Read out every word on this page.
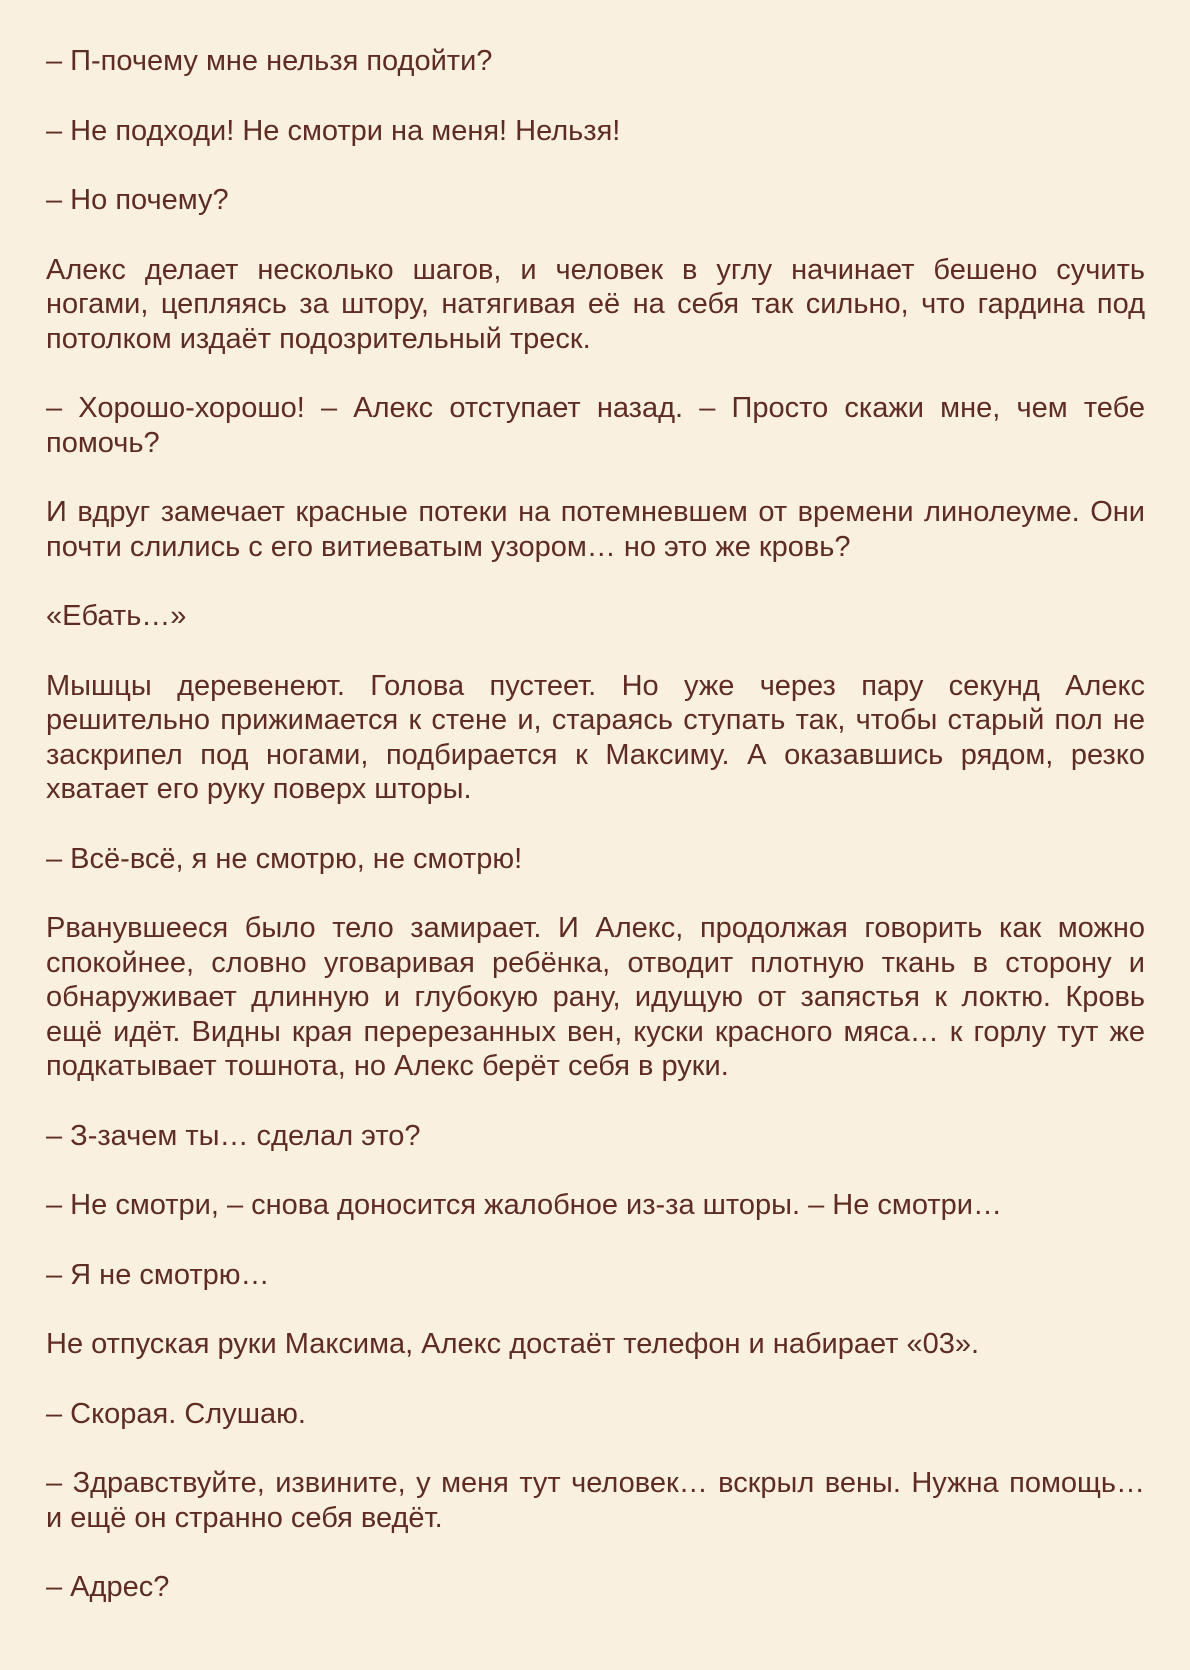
– П-почему мне нельзя подойти?

– Не подходи! Не смотри на меня! Нельзя!

– Но почему?

Алекс делает несколько шагов, и человек в углу начинает бешено сучить ногами, цепляясь за штору, натягивая её на себя так сильно, что гардина под потолком издаёт подозрительный треск.

– Хорошо-хорошо! – Алекс отступает назад. – Просто скажи мне, чем тебе помочь?

И вдруг замечает красные потеки на потемневшем от времени линолеуме. Они почти слились с его витиеватым узором… но это же кровь?

«Ебать…»

Мышцы деревенеют. Голова пустеет. Но уже через пару секунд Алекс решительно прижимается к стене и, стараясь ступать так, чтобы старый пол не заскрипел под ногами, подбирается к Максиму. А оказавшись рядом, резко хватает его руку поверх шторы.

– Всё-всё, я не смотрю, не смотрю!

Рванувшееся было тело замирает. И Алекс, продолжая говорить как можно спокойнее, словно уговаривая ребёнка, отводит плотную ткань в сторону и обнаруживает длинную и глубокую рану, идущую от запястья к локтю. Кровь ещё идёт. Видны края перерезанных вен, куски красного мяса… к горлу тут же подкатывает тошнота, но Алекс берёт себя в руки.

– З-зачем ты… сделал это?

– Не смотри, – снова доносится жалобное из-за шторы. – Не смотри…

– Я не смотрю…

Не отпуская руки Максима, Алекс достаёт телефон и набирает «03».

– Скорая. Слушаю.

– Здравствуйте, извините, у меня тут человек… вскрыл вены. Нужна помощь… и ещё он странно себя ведёт.

– Адрес?
